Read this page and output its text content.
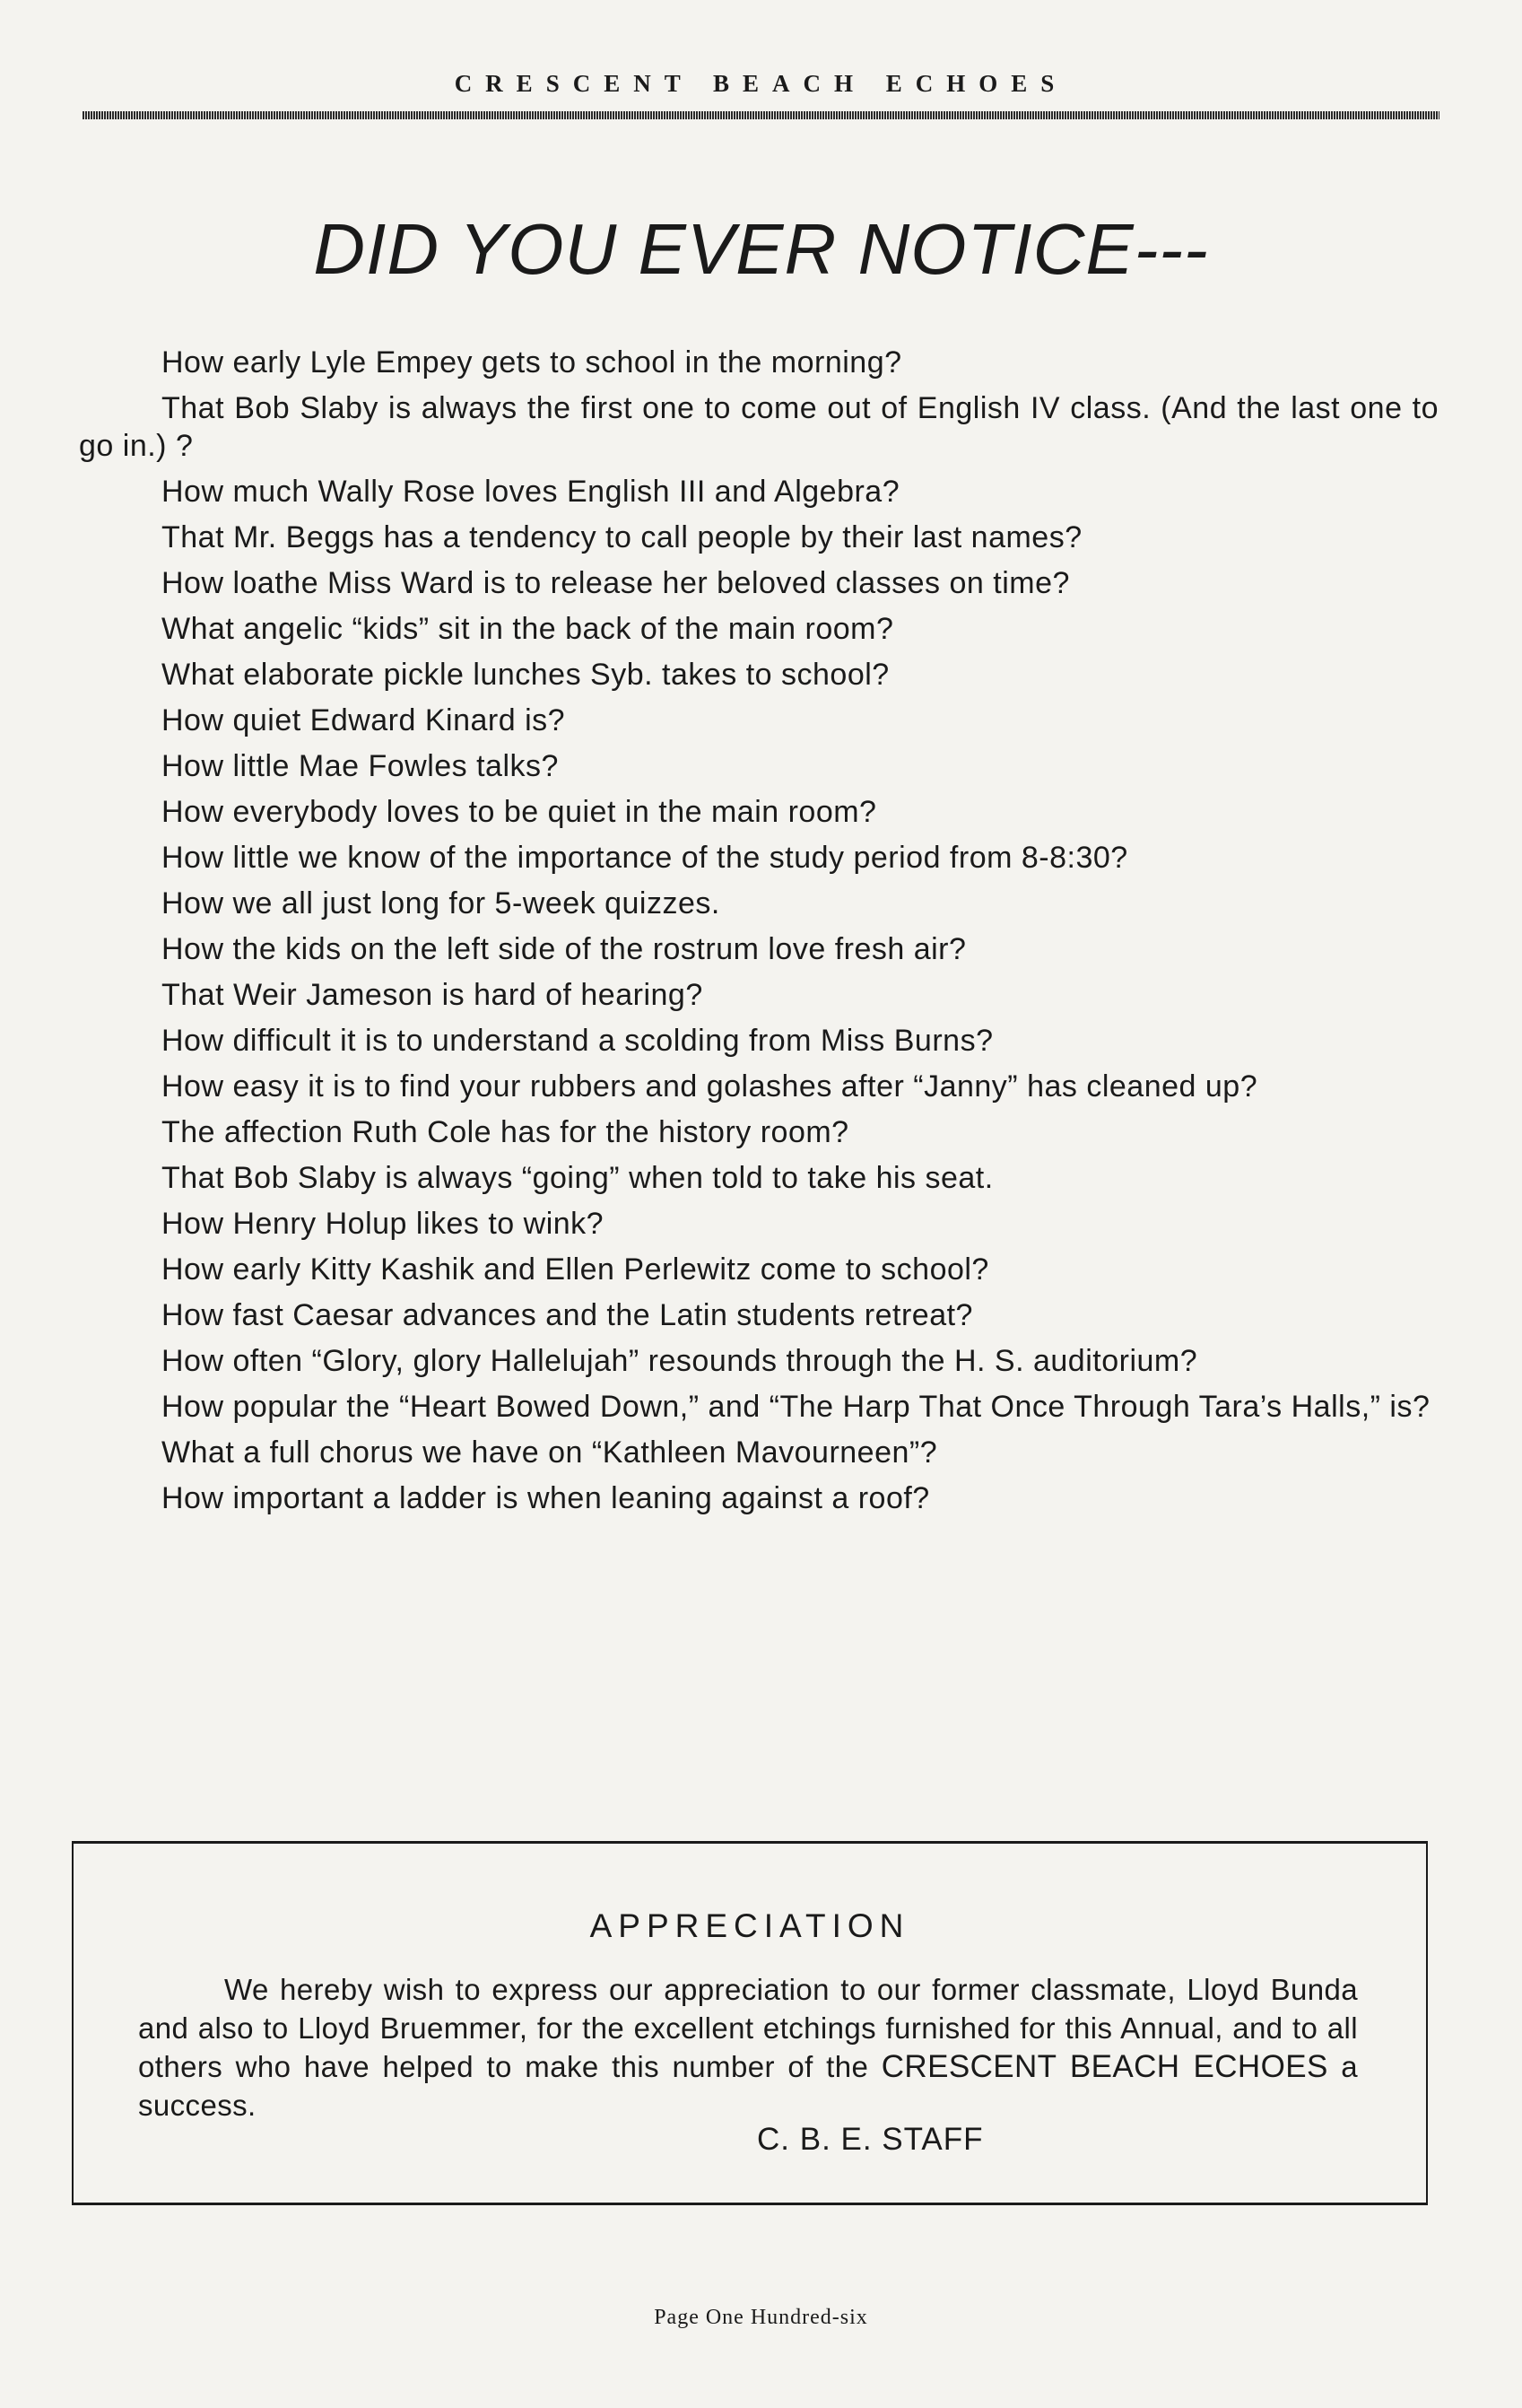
CRESCENT BEACH ECHOES
DID YOU EVER NOTICE---
How early Lyle Empey gets to school in the morning?
That Bob Slaby is always the first one to come out of English IV class. (And the last one to go in.) ?
How much Wally Rose loves English III and Algebra?
That Mr. Beggs has a tendency to call people by their last names?
How loathe Miss Ward is to release her beloved classes on time?
What angelic “kids” sit in the back of the main room?
What elaborate pickle lunches Syb. takes to school?
How quiet Edward Kinard is?
How little Mae Fowles talks?
How everybody loves to be quiet in the main room?
How little we know of the importance of the study period from 8-8:30?
How we all just long for 5-week quizzes.
How the kids on the left side of the rostrum love fresh air?
That Weir Jameson is hard of hearing?
How difficult it is to understand a scolding from Miss Burns?
How easy it is to find your rubbers and golashes after “Janny” has cleaned up?
The affection Ruth Cole has for the history room?
That Bob Slaby is always “going” when told to take his seat.
How Henry Holup likes to wink?
How early Kitty Kashik and Ellen Perlewitz come to school?
How fast Caesar advances and the Latin students retreat?
How often “Glory, glory Hallelujah” resounds through the H. S. auditorium?
How popular the “Heart Bowed Down,” and “The Harp That Once Through Tara’s Halls,” is?
What a full chorus we have on “Kathleen Mavourneen”?
How important a ladder is when leaning against a roof?
APPRECIATION
We hereby wish to express our appreciation to our former classmate, Lloyd Bunda and also to Lloyd Bruemmer, for the excellent etchings furnished for this Annual, and to all others who have helped to make this number of the CRESCENT BEACH ECHOES a success.
C. B. E. STAFF
Page One Hundred-six
